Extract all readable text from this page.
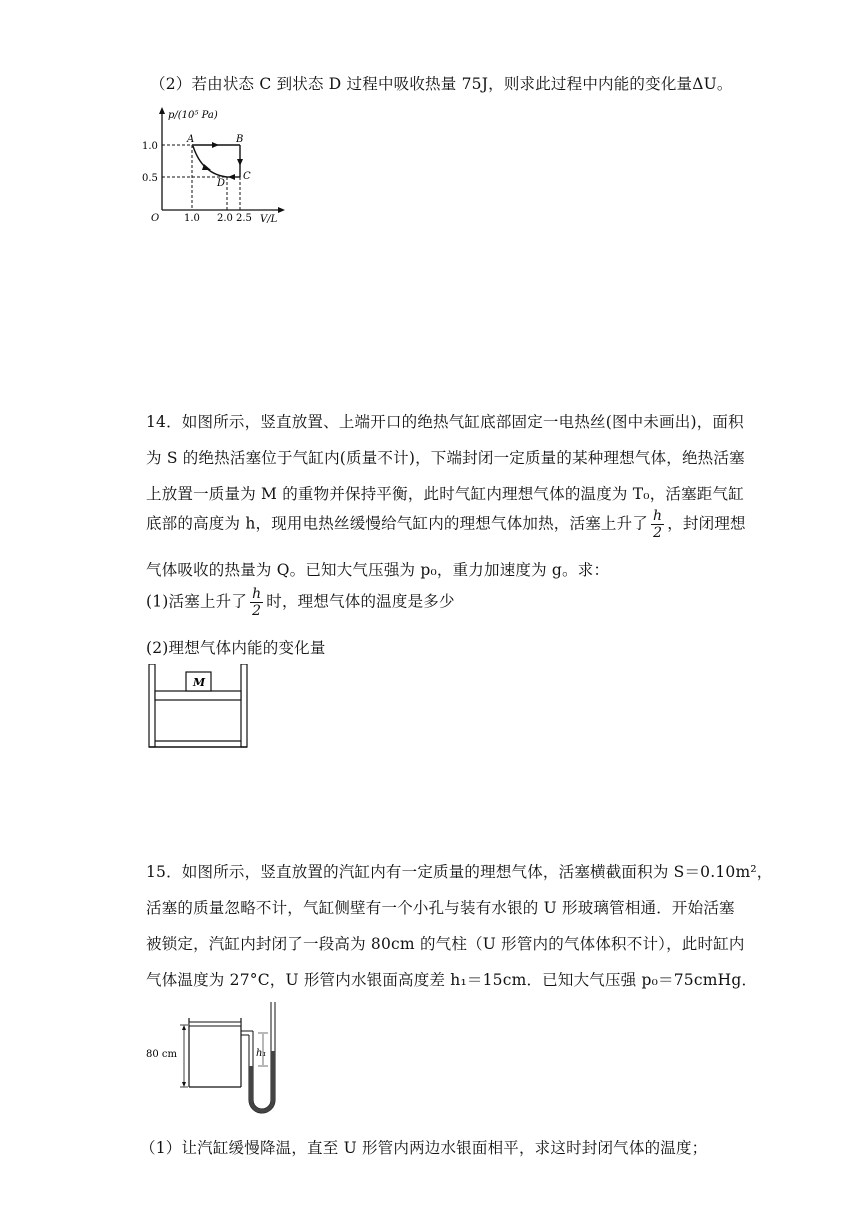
（2）若由状态 C 到状态 D 过程中吸收热量 75J，则求此过程中内能的变化量ΔU。
p/(10⁵ Pa)
V/L
O
1.0
0.5
1.0 2.0 2.5
A	B
C
D
14．如图所示，竖直放置、上端开口的绝热气缸底部固定一电热丝(图中未画出)，面积
为 S 的绝热活塞位于气缸内(质量不计)，下端封闭一定质量的某种理想气体，绝热活塞
上放置一质量为 M 的重物并保持平衡，此时气缸内理想气体的温度为 T₀，活塞距气缸
底部的高度为 h，现用电热丝缓慢给气缸内的理想气体加热，活塞上升了 $\frac{h}{2}$ ，封闭理想
气体吸收的热量为 Q。已知大气压强为 p₀，重力加速度为 g。求：
(1)活塞上升了 $\frac{h}{2}$ 时，理想气体的温度是多少
(2)理想气体内能的变化量
M
15．如图所示，竖直放置的汽缸内有一定质量的理想气体，活塞横截面积为 S＝0.10m²，
活塞的质量忽略不计，气缸侧壁有一个小孔与装有水银的 U 形玻璃管相通．开始活塞
被锁定，汽缸内封闭了一段高为 80cm 的气柱（U 形管内的气体体积不计），此时缸内
气体温度为 27°C，U 形管内水银面高度差 h₁＝15cm．已知大气压强 p₀＝75cmHg．
80 cm	h₁
（1）让汽缸缓慢降温，直至 U 形管内两边水银面相平，求这时封闭气体的温度；
